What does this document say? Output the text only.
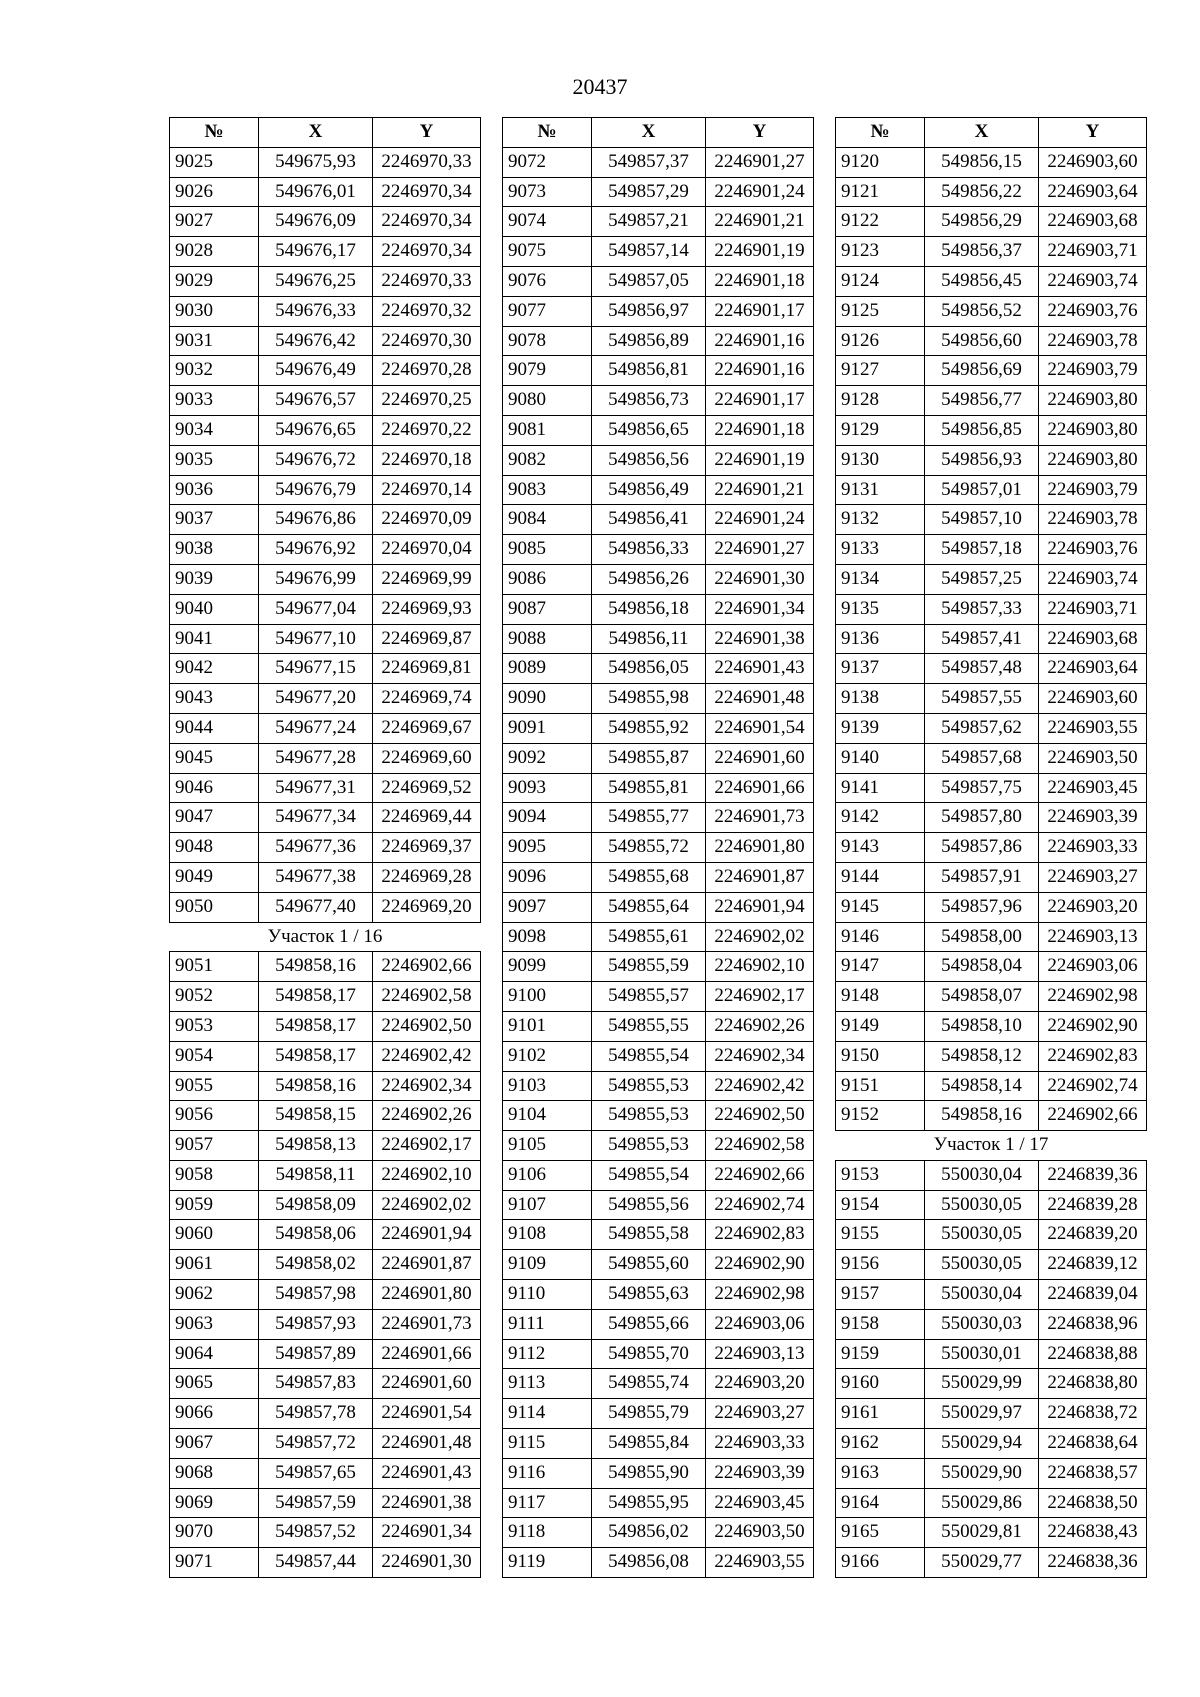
20437
№	X	Y
9025	549675,93	2246970,33
9026	549676,01	2246970,34
9027	549676,09	2246970,34
9028	549676,17	2246970,34
9029	549676,25	2246970,33
9030	549676,33	2246970,32
9031	549676,42	2246970,30
9032	549676,49	2246970,28
9033	549676,57	2246970,25
9034	549676,65	2246970,22
9035	549676,72	2246970,18
9036	549676,79	2246970,14
9037	549676,86	2246970,09
9038	549676,92	2246970,04
9039	549676,99	2246969,99
9040	549677,04	2246969,93
9041	549677,10	2246969,87
9042	549677,15	2246969,81
9043	549677,20	2246969,74
9044	549677,24	2246969,67
9045	549677,28	2246969,60
9046	549677,31	2246969,52
9047	549677,34	2246969,44
9048	549677,36	2246969,37
9049	549677,38	2246969,28
9050	549677,40	2246969,20
Участок 1 / 16		
9051	549858,16	2246902,66
9052	549858,17	2246902,58
9053	549858,17	2246902,50
9054	549858,17	2246902,42
9055	549858,16	2246902,34
9056	549858,15	2246902,26
9057	549858,13	2246902,17
9058	549858,11	2246902,10
9059	549858,09	2246902,02
9060	549858,06	2246901,94
9061	549858,02	2246901,87
9062	549857,98	2246901,80
9063	549857,93	2246901,73
9064	549857,89	2246901,66
9065	549857,83	2246901,60
9066	549857,78	2246901,54
9067	549857,72	2246901,48
9068	549857,65	2246901,43
9069	549857,59	2246901,38
9070	549857,52	2246901,34
9071	549857,44	2246901,30
№	X	Y
9072	549857,37	2246901,27
9073	549857,29	2246901,24
9074	549857,21	2246901,21
9075	549857,14	2246901,19
9076	549857,05	2246901,18
9077	549856,97	2246901,17
9078	549856,89	2246901,16
9079	549856,81	2246901,16
9080	549856,73	2246901,17
9081	549856,65	2246901,18
9082	549856,56	2246901,19
9083	549856,49	2246901,21
9084	549856,41	2246901,24
9085	549856,33	2246901,27
9086	549856,26	2246901,30
9087	549856,18	2246901,34
9088	549856,11	2246901,38
9089	549856,05	2246901,43
9090	549855,98	2246901,48
9091	549855,92	2246901,54
9092	549855,87	2246901,60
9093	549855,81	2246901,66
9094	549855,77	2246901,73
9095	549855,72	2246901,80
9096	549855,68	2246901,87
9097	549855,64	2246901,94
9098	549855,61	2246902,02
9099	549855,59	2246902,10
9100	549855,57	2246902,17
9101	549855,55	2246902,26
9102	549855,54	2246902,34
9103	549855,53	2246902,42
9104	549855,53	2246902,50
9105	549855,53	2246902,58
9106	549855,54	2246902,66
9107	549855,56	2246902,74
9108	549855,58	2246902,83
9109	549855,60	2246902,90
9110	549855,63	2246902,98
9111	549855,66	2246903,06
9112	549855,70	2246903,13
9113	549855,74	2246903,20
9114	549855,79	2246903,27
9115	549855,84	2246903,33
9116	549855,90	2246903,39
9117	549855,95	2246903,45
9118	549856,02	2246903,50
9119	549856,08	2246903,55
№	X	Y
9120	549856,15	2246903,60
9121	549856,22	2246903,64
9122	549856,29	2246903,68
9123	549856,37	2246903,71
9124	549856,45	2246903,74
9125	549856,52	2246903,76
9126	549856,60	2246903,78
9127	549856,69	2246903,79
9128	549856,77	2246903,80
9129	549856,85	2246903,80
9130	549856,93	2246903,80
9131	549857,01	2246903,79
9132	549857,10	2246903,78
9133	549857,18	2246903,76
9134	549857,25	2246903,74
9135	549857,33	2246903,71
9136	549857,41	2246903,68
9137	549857,48	2246903,64
9138	549857,55	2246903,60
9139	549857,62	2246903,55
9140	549857,68	2246903,50
9141	549857,75	2246903,45
9142	549857,80	2246903,39
9143	549857,86	2246903,33
9144	549857,91	2246903,27
9145	549857,96	2246903,20
9146	549858,00	2246903,13
9147	549858,04	2246903,06
9148	549858,07	2246902,98
9149	549858,10	2246902,90
9150	549858,12	2246902,83
9151	549858,14	2246902,74
9152	549858,16	2246902,66
Участок 1 / 17		
9153	550030,04	2246839,36
9154	550030,05	2246839,28
9155	550030,05	2246839,20
9156	550030,05	2246839,12
9157	550030,04	2246839,04
9158	550030,03	2246838,96
9159	550030,01	2246838,88
9160	550029,99	2246838,80
9161	550029,97	2246838,72
9162	550029,94	2246838,64
9163	550029,90	2246838,57
9164	550029,86	2246838,50
9165	550029,81	2246838,43
9166	550029,77	2246838,36
